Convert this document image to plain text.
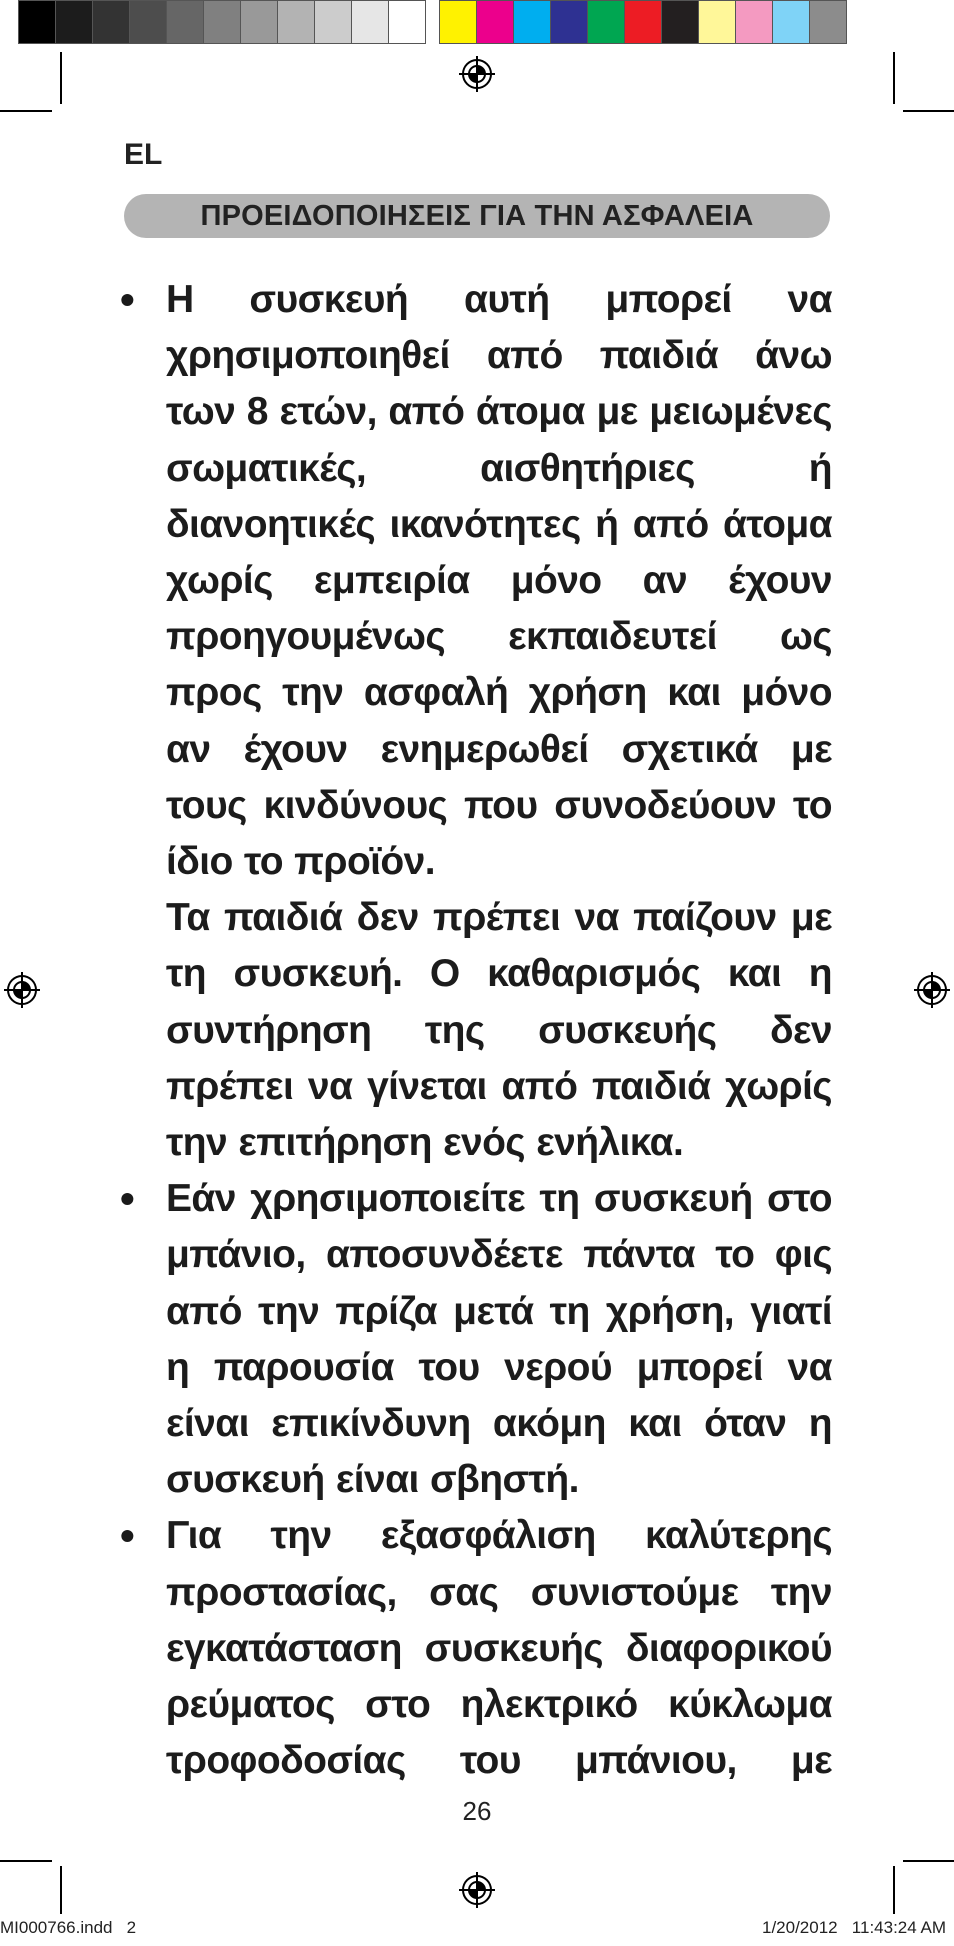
EL
ΠΡΟΕΙΔΟΠΟΙΗΣΕΙΣ ΓΙΑ ΤΗΝ ΑΣΦΑΛΕΙΑ
• Η συσκευή αυτή μπορεί να χρησιμοποιηθεί από παιδιά άνω των 8 ετών, από άτομα με μειωμένες σωματικές, αισθητήριες ή διανοητικές ικανότητες ή από άτομα χωρίς εμπειρία μόνο αν έχουν προηγουμένως εκπαιδευτεί ως προς την ασφαλή χρήση και μόνο αν έχουν ενημερωθεί σχετικά με τους κινδύνους που συνοδεύουν το ίδιο το προϊόν.

Τα παιδιά δεν πρέπει να παίζουν με τη συσκευή. Ο καθαρισμός και η συντήρηση της συσκευής δεν πρέπει να γίνεται από παιδιά χωρίς την επιτήρηση ενός ενήλικα.

• Εάν χρησιμοποιείτε τη συσκευή στο μπάνιο, αποσυνδέετε πάντα το φις από την πρίζα μετά τη χρήση, γιατί η παρουσία του νερού μπορεί να είναι επικίνδυνη ακόμη και όταν η συσκευή είναι σβηστή.

• Για την εξασφάλιση καλύτερης προστασίας, σας συνιστούμε την εγκατάσταση συσκευής διαφορικού ρεύματος στο ηλεκτρικό κύκλωμα τροφοδοσίας του μπάνιου, με

26
MI000766.indd   2	1/20/2012   11:43:24 AM
